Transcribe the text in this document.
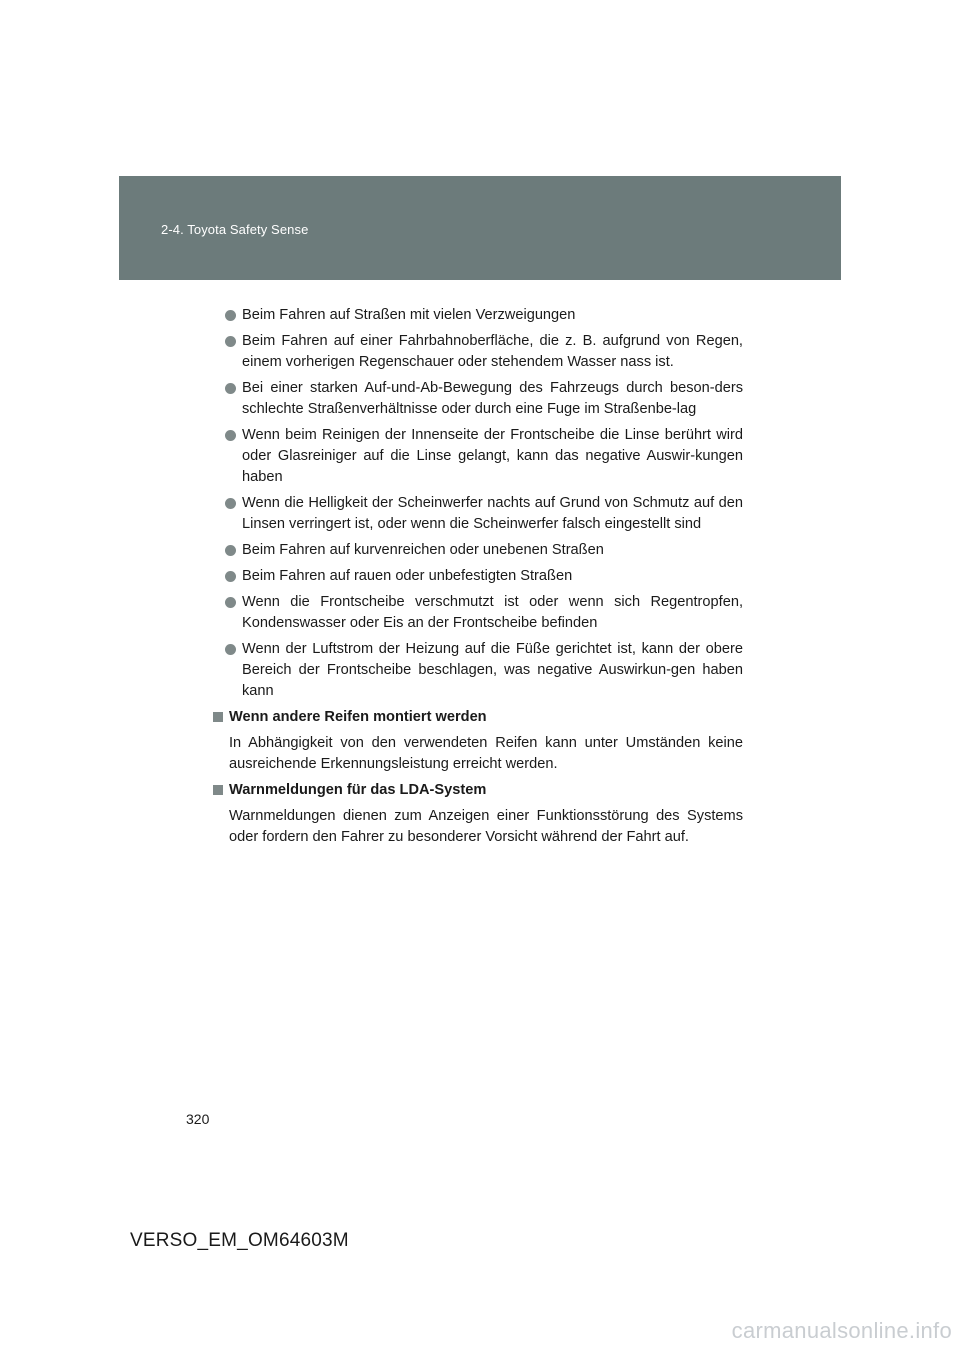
2-4. Toyota Safety Sense
Beim Fahren auf Straßen mit vielen Verzweigungen
Beim Fahren auf einer Fahrbahnoberfläche, die z. B. aufgrund von Regen, einem vorherigen Regenschauer oder stehendem Wasser nass ist.
Bei einer starken Auf-und-Ab-Bewegung des Fahrzeugs durch beson-ders schlechte Straßenverhältnisse oder durch eine Fuge im Straßenbe-lag
Wenn beim Reinigen der Innenseite der Frontscheibe die Linse berührt wird oder Glasreiniger auf die Linse gelangt, kann das negative Auswir-kungen haben
Wenn die Helligkeit der Scheinwerfer nachts auf Grund von Schmutz auf den Linsen verringert ist, oder wenn die Scheinwerfer falsch eingestellt sind
Beim Fahren auf kurvenreichen oder unebenen Straßen
Beim Fahren auf rauen oder unbefestigten Straßen
Wenn die Frontscheibe verschmutzt ist oder wenn sich Regentropfen, Kondenswasser oder Eis an der Frontscheibe befinden
Wenn der Luftstrom der Heizung auf die Füße gerichtet ist, kann der obere Bereich der Frontscheibe beschlagen, was negative Auswirkun-gen haben kann
Wenn andere Reifen montiert werden
In Abhängigkeit von den verwendeten Reifen kann unter Umständen keine ausreichende Erkennungsleistung erreicht werden.
Warnmeldungen für das LDA-System
Warnmeldungen dienen zum Anzeigen einer Funktionsstörung des Systems oder fordern den Fahrer zu besonderer Vorsicht während der Fahrt auf.
320
VERSO_EM_OM64603M
carmanualsonline.info
